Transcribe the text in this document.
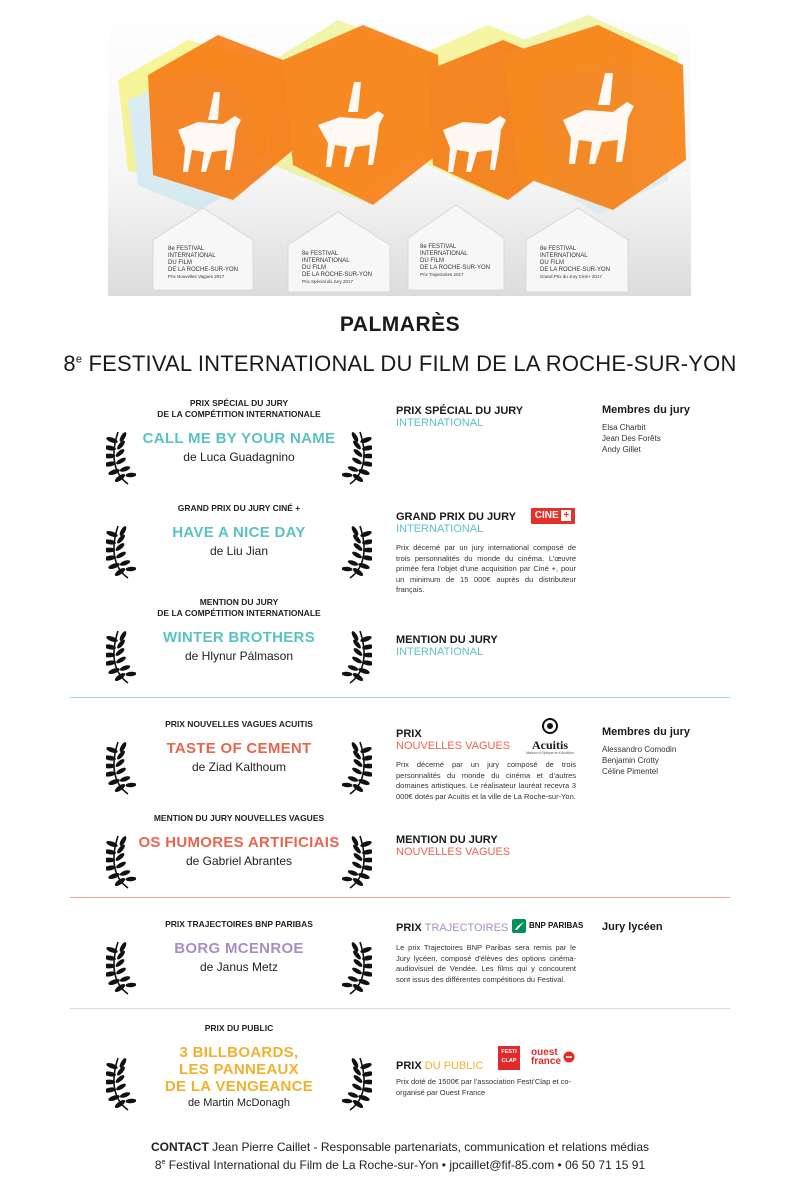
8e FESTIVAL INTERNATIONAL DU FILM DE LA ROCHE-SUR-YON Prix Nouvelles Vagues 2017
8e FESTIVAL INTERNATIONAL DU FILM DE LA ROCHE-SUR-YON Prix Spécial du Jury 2017
8e FESTIVAL INTERNATIONAL DU FILM DE LA ROCHE-SUR-YON Prix Trajectoires 2017
8e FESTIVAL INTERNATIONAL DU FILM DE LA ROCHE-SUR-YON Grand Prix du Jury Ciné+ 2017
PALMARÈS
8e FESTIVAL INTERNATIONAL DU FILM DE LA ROCHE-SUR-YON
PRIX SPÉCIAL DU JURY
DE LA COMPÉTITION INTERNATIONALE
CALL ME BY YOUR NAME
de Luca Guadagnino
GRAND PRIX DU JURY CINÉ +
HAVE A NICE DAY
de Liu Jian
MENTION DU JURY
DE LA COMPÉTITION INTERNATIONALE
WINTER BROTHERS
de Hlynur Pálmason
PRIX NOUVELLES VAGUES ACUITIS
TASTE OF CEMENT
de Ziad Kalthoum
MENTION DU JURY NOUVELLES VAGUES
OS HUMORES ARTIFICIAIS
de Gabriel Abrantes
PRIX TRAJECTOIRES BNP PARIBAS
BORG MCENROE
de Janus Metz
PRIX DU PUBLIC
3 BILLBOARDS,
LES PANNEAUX
DE LA VENGEANCE
de Martin McDonagh
PRIX SPÉCIAL DU JURY
INTERNATIONAL
GRAND PRIX DU JURY
INTERNATIONAL

Prix décerné par un jury international composé de trois personnalités du monde du cinéma. L’œuvre primée fera l’objet d’une acquisition par Ciné +, pour un minimum de 15 000€ auprès du distributeur français.

MENTION DU JURY
INTERNATIONAL
PRIX
NOUVELLES VAGUES

Prix décerné par un jury composé de trois personnalités du monde du cinéma et d’autres domaines artistiques. Le réalisateur lauréat recevra 3 000€ dotés par Acuitis et la ville de La Roche-sur-Yon.

MENTION DU JURY
NOUVELLES VAGUES
PRIX TRAJECTOIRES

Le prix Trajectoires BNP Paribas sera remis par le Jury lycéen, composé d’élèves des options cinéma-audiovisuel de Vendée. Les films qui y concourent sont issus des différentes compétitions du Festival.

PRIX DU PUBLIC

Prix doté de 1500€ par l’association Festi’Clap et co-organisé par Ouest France

CINE +
Acuitis
Maison d’Optique et d’Audition
BNP PARIBAS
FESTI
CLAP
ouest
france
Membres du jury
Elsa Charbit
Jean Des Forêts
Andy Gillet
Membres du jury
Alessandro Comodin
Benjamin Crotty
Céline Pimentel
Jury lycéen
CONTACT Jean Pierre Caillet - Responsable partenariats, communication et relations médias
8e Festival International du Film de La Roche-sur-Yon • jpcaillet@fif-85.com • 06 50 71 15 91
